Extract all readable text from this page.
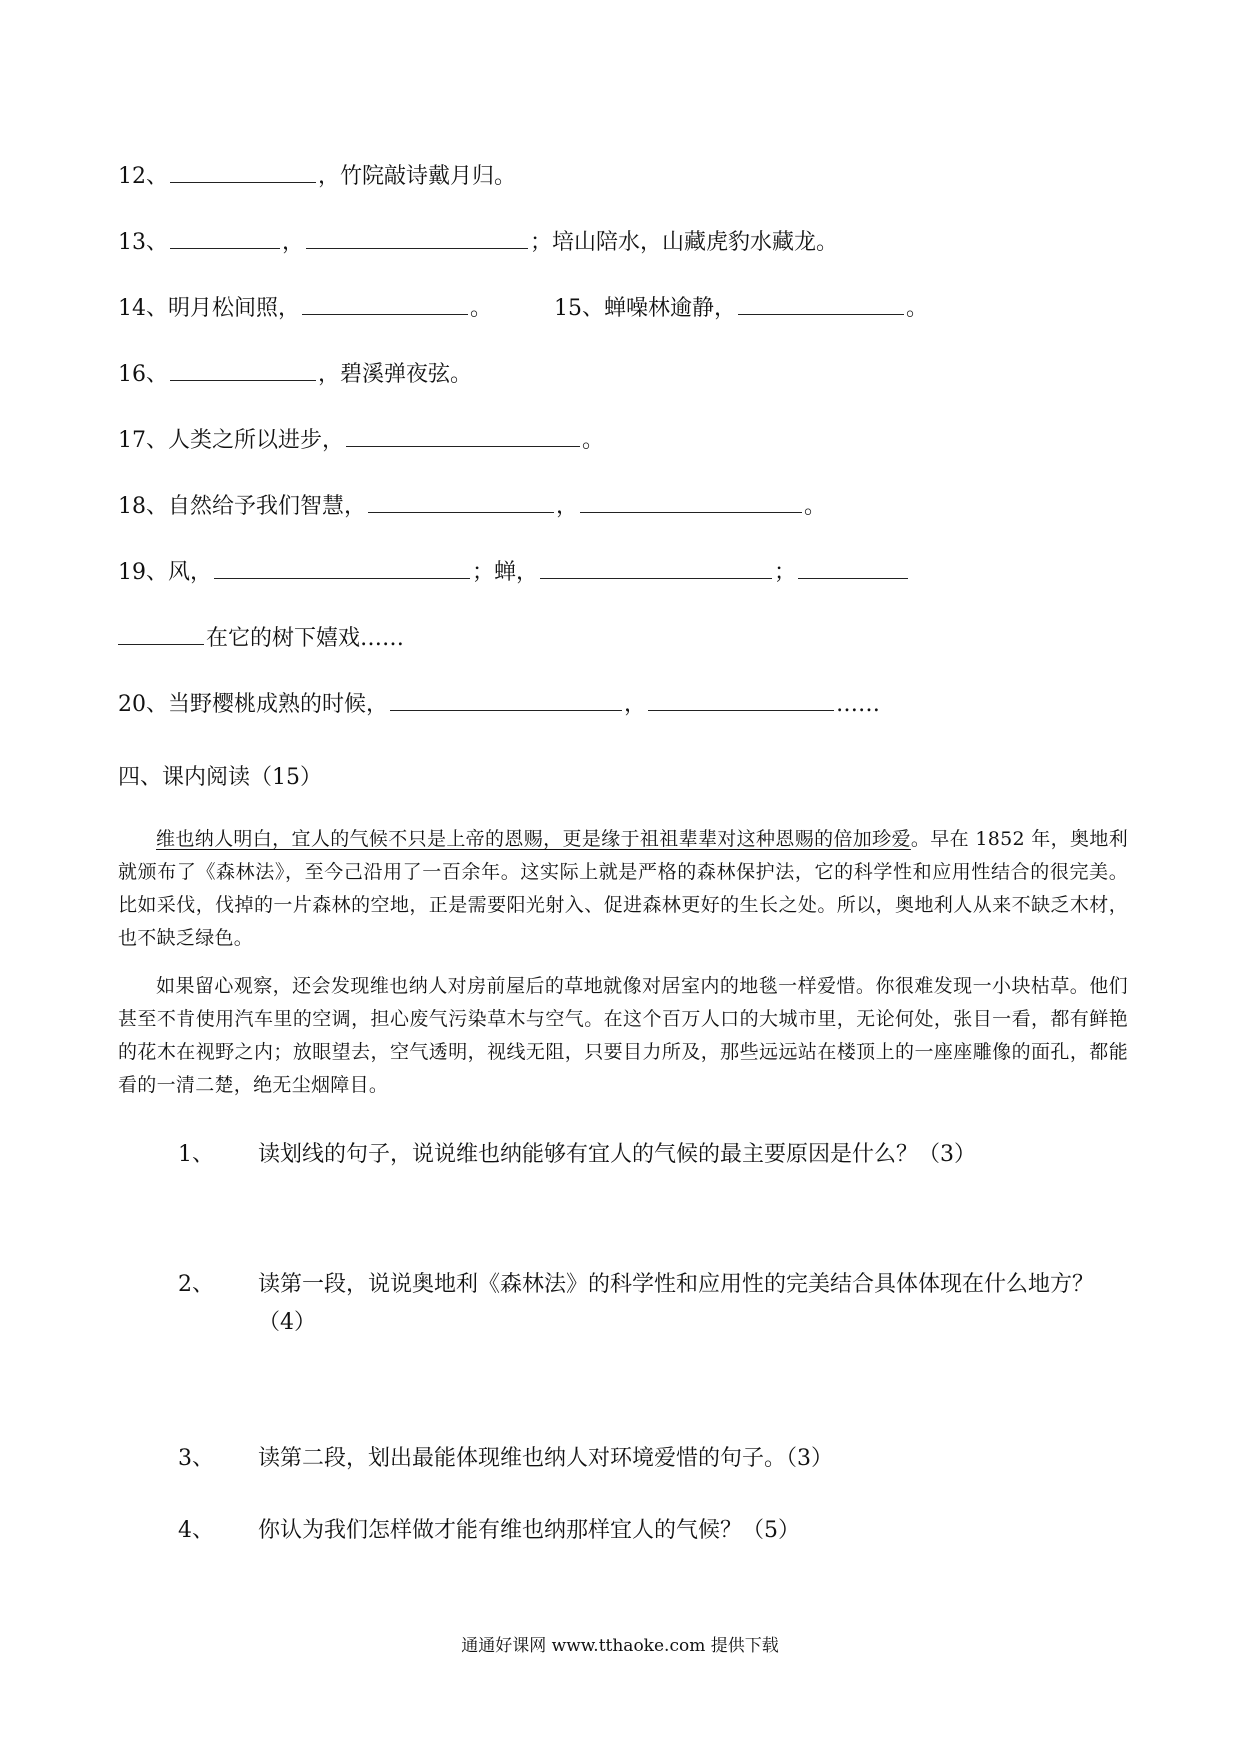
12、	，竹院敲诗戴月归。
13、	，	；培山陪水，山藏虎豹水藏龙。
14、明月松间照，	。	15、蝉噪林逾静，	。
16、	，碧溪弹夜弦。
17、人类之所以进步，	。
18、自然给予我们智慧，	，	。
19、风，	；蝉，	；
在它的树下嬉戏……
20、当野樱桃成熟的时候，	，	……
四、课内阅读（15）
维也纳人明白，宜人的气候不只是上帝的恩赐，更是缘于祖祖辈辈对这种恩赐的倍加珍爱。早在 1852 年，奥地利就颁布了《森林法》，至今己沿用了一百余年。这实际上就是严格的森林保护法，它的科学性和应用性结合的很完美。比如采伐，伐掉的一片森林的空地，正是需要阳光射入、促进森林更好的生长之处。所以，奥地利人从来不缺乏木材，也不缺乏绿色。
如果留心观察，还会发现维也纳人对房前屋后的草地就像对居室内的地毯一样爱惜。你很难发现一小块枯草。他们甚至不肯使用汽车里的空调，担心废气污染草木与空气。在这个百万人口的大城市里，无论何处，张目一看，都有鲜艳的花木在视野之内；放眼望去，空气透明，视线无阻，只要目力所及，那些远远站在楼顶上的一座座雕像的面孔，都能看的一清二楚，绝无尘烟障目。
1、	读划线的句子，说说维也纳能够有宜人的气候的最主要原因是什么？（3）
2、	读第一段，说说奥地利《森林法》的科学性和应用性的完美结合具体体现在什么地方？（4）
3、	读第二段，划出最能体现维也纳人对环境爱惜的句子。（3）
4、	你认为我们怎样做才能有维也纳那样宜人的气候？（5）
通通好课网 www.tthaoke.com 提供下载
